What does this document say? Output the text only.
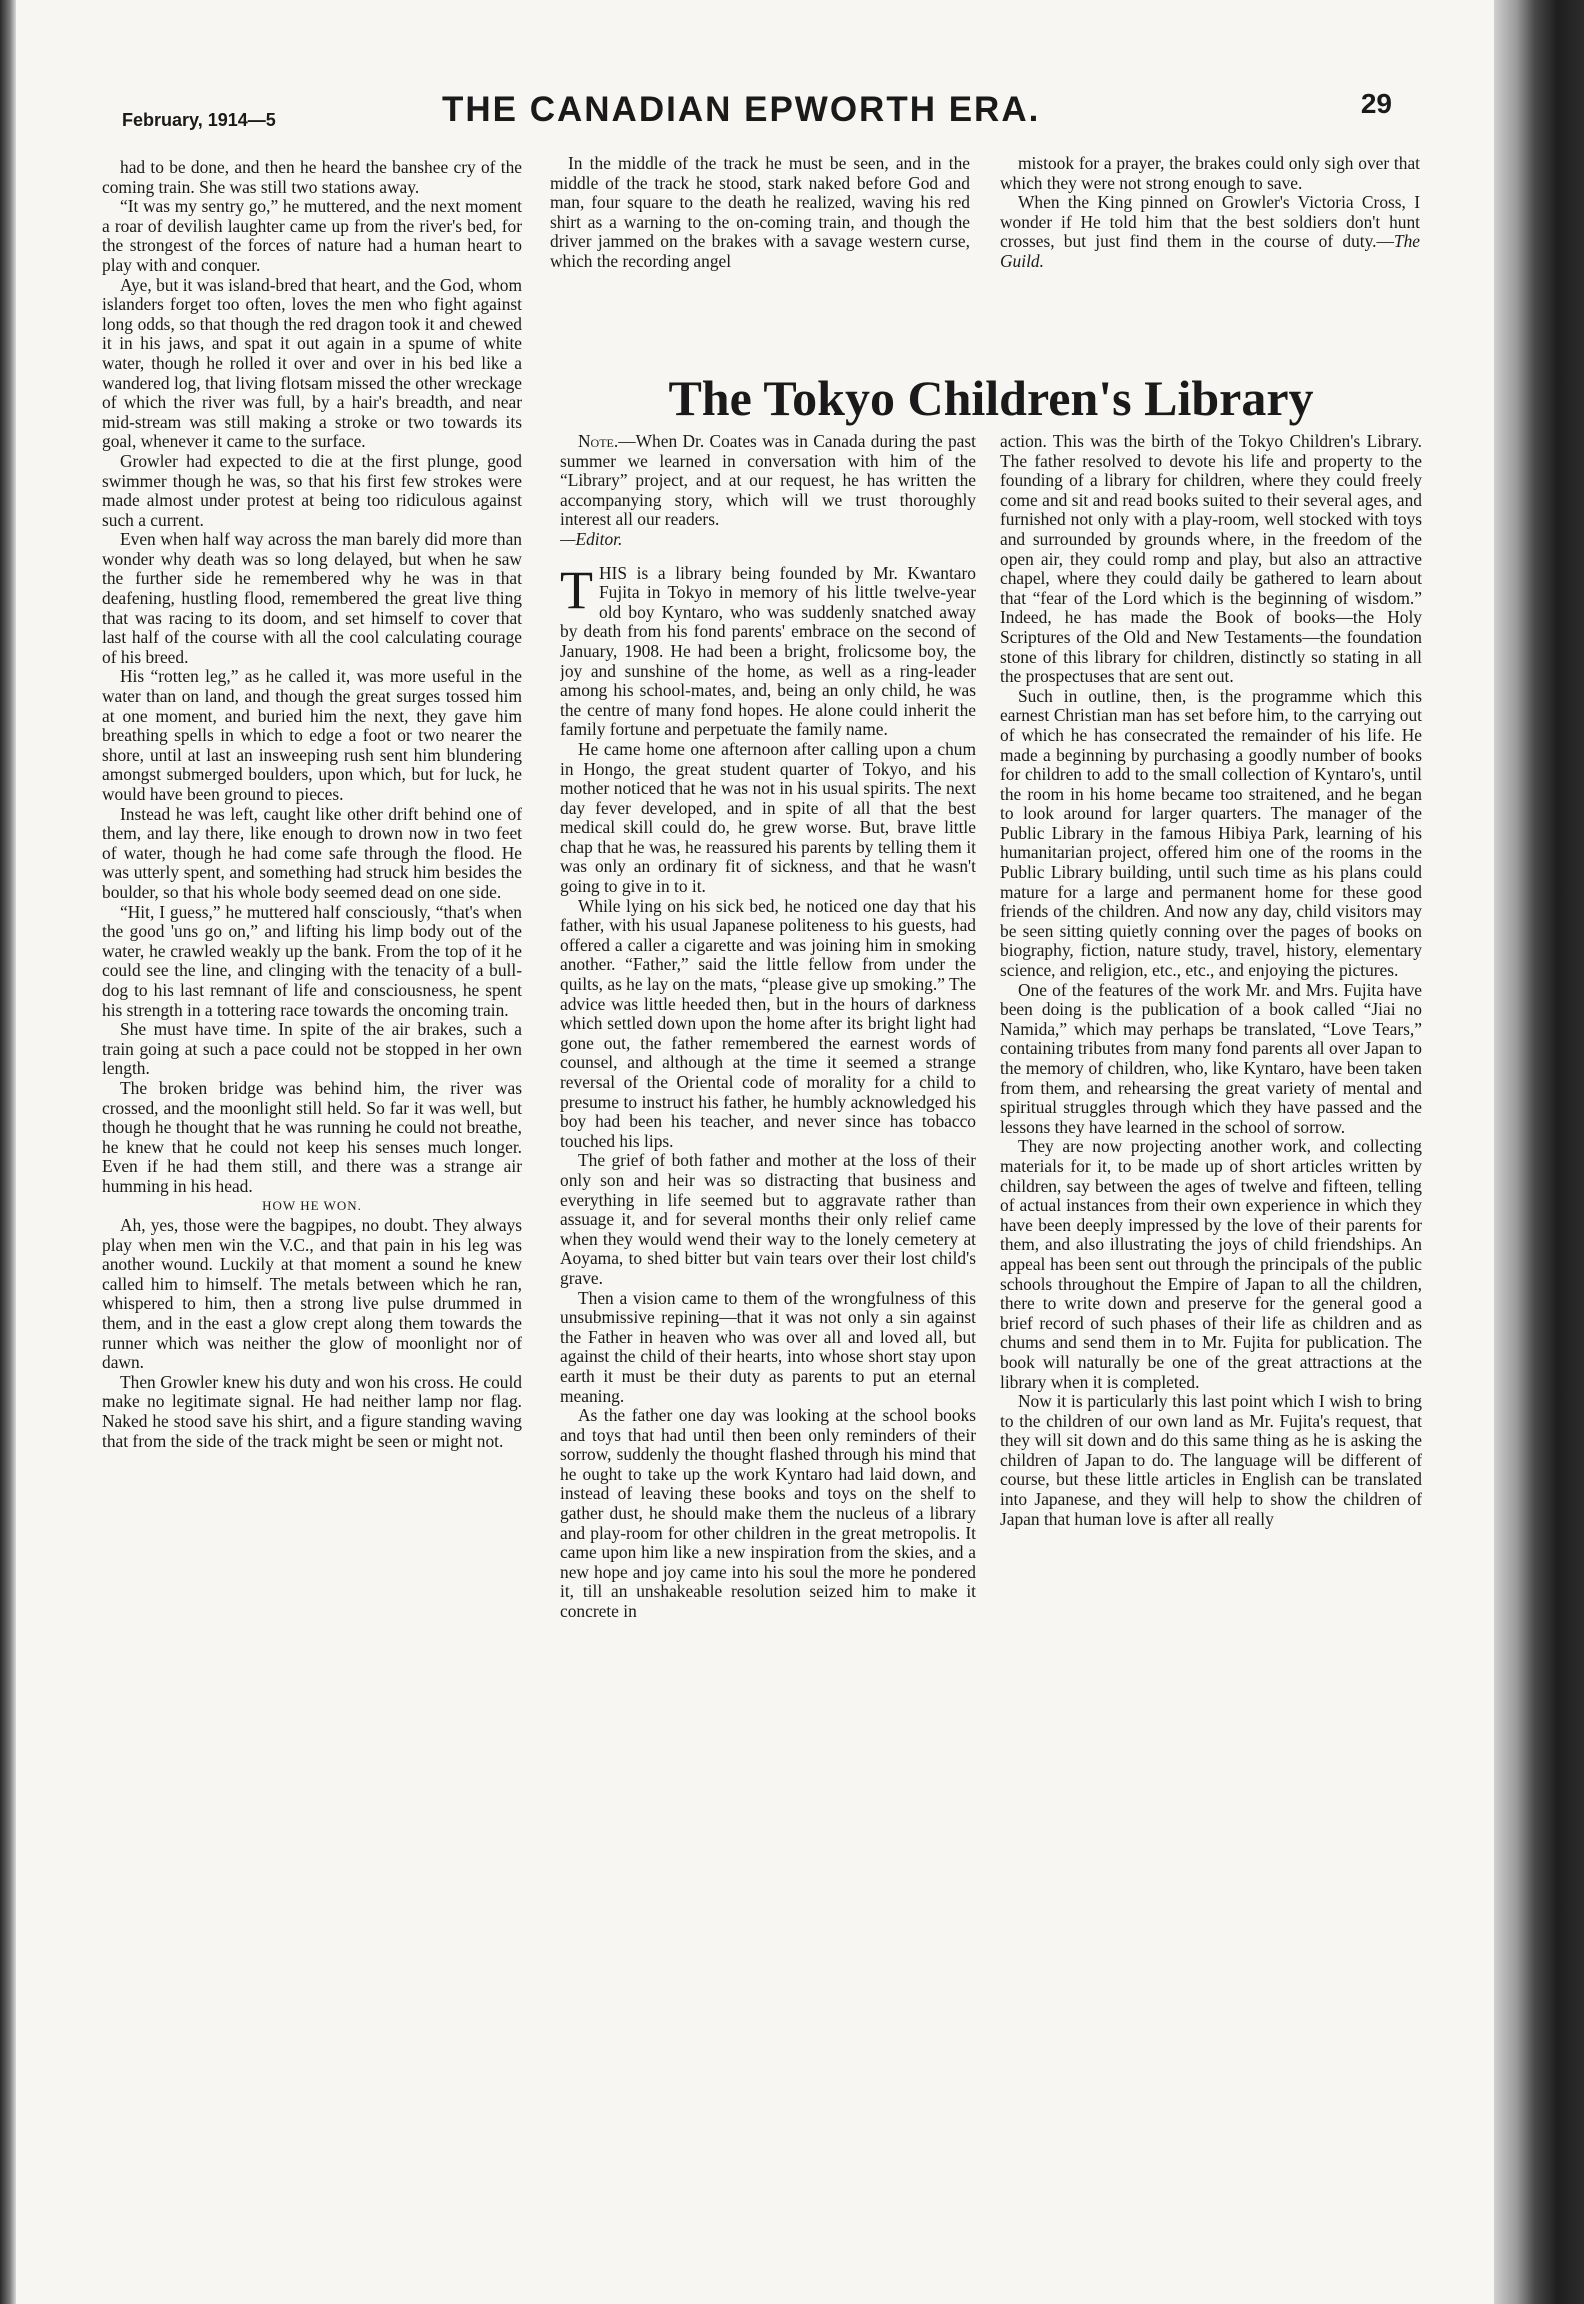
February, 1914—5	THE CANADIAN EPWORTH ERA.	29

had to be done, and then he heard the banshee cry of the coming train. She was still two stations away.

“It was my sentry go,” he muttered, and the next moment a roar of devilish laughter came up from the river's bed, for the strongest of the forces of nature had a human heart to play with and conquer.

Aye, but it was island-bred that heart, and the God, whom islanders forget too often, loves the men who fight against long odds, so that though the red dragon took it and chewed it in his jaws, and spat it out again in a spume of white water, though he rolled it over and over in his bed like a wandered log, that living flotsam missed the other wreckage of which the river was full, by a hair's breadth, and near mid-stream was still making a stroke or two towards its goal, whenever it came to the surface.

Growler had expected to die at the first plunge, good swimmer though he was, so that his first few strokes were made almost under protest at being too ridiculous against such a current.

Even when half way across the man barely did more than wonder why death was so long delayed, but when he saw the further side he remembered why he was in that deafening, hustling flood, remembered the great live thing that was racing to its doom, and set himself to cover that last half of the course with all the cool calculating courage of his breed.

His “rotten leg,” as he called it, was more useful in the water than on land, and though the great surges tossed him at one moment, and buried him the next, they gave him breathing spells in which to edge a foot or two nearer the shore, until at last an insweeping rush sent him blundering amongst submerged boulders, upon which, but for luck, he would have been ground to pieces.

Instead he was left, caught like other drift behind one of them, and lay there, like enough to drown now in two feet of water, though he had come safe through the flood. He was utterly spent, and something had struck him besides the boulder, so that his whole body seemed dead on one side.

“Hit, I guess,” he muttered half consciously, “that's when the good 'uns go on,” and lifting his limp body out of the water, he crawled weakly up the bank. From the top of it he could see the line, and clinging with the tenacity of a bull-dog to his last remnant of life and consciousness, he spent his strength in a tottering race towards the oncoming train.

She must have time. In spite of the air brakes, such a train going at such a pace could not be stopped in her own length.

The broken bridge was behind him, the river was crossed, and the moonlight still held. So far it was well, but though he thought that he was running he could not breathe, he knew that he could not keep his senses much longer. Even if he had them still, and there was a strange air humming in his head.

HOW HE WON.

Ah, yes, those were the bagpipes, no doubt. They always play when men win the V.C., and that pain in his leg was another wound. Luckily at that moment a sound he knew called him to himself. The metals between which he ran, whispered to him, then a strong live pulse drummed in them, and in the east a glow crept along them towards the runner which was neither the glow of moonlight nor of dawn.

Then Growler knew his duty and won his cross. He could make no legitimate signal. He had neither lamp nor flag. Naked he stood save his shirt, and a figure standing waving that from the side of the track might be seen or might not.

In the middle of the track he must be seen, and in the middle of the track he stood, stark naked before God and man, four square to the death he realized, waving his red shirt as a warning to the on-coming train, and though the driver jammed on the brakes with a savage western curse, which the recording angel

mistook for a prayer, the brakes could only sigh over that which they were not strong enough to save.

When the King pinned on Growler's Victoria Cross, I wonder if He told him that the best soldiers don't hunt crosses, but just find them in the course of duty.—The Guild.

The Tokyo Children's Library

Note.—When Dr. Coates was in Canada during the past summer we learned in conversation with him of the “Library” project, and at our request, he has written the accompanying story, which will we trust thoroughly interest all our readers.
—Editor.

THIS is a library being founded by Mr. Kwantaro Fujita in Tokyo in memory of his little twelve-year old boy Kyntaro, who was suddenly snatched away by death from his fond parents' embrace on the second of January, 1908. He had been a bright, frolicsome boy, the joy and sunshine of the home, as well as a ring-leader among his school-mates, and, being an only child, he was the centre of many fond hopes. He alone could inherit the family fortune and perpetuate the family name.

He came home one afternoon after calling upon a chum in Hongo, the great student quarter of Tokyo, and his mother noticed that he was not in his usual spirits. The next day fever developed, and in spite of all that the best medical skill could do, he grew worse. But, brave little chap that he was, he reassured his parents by telling them it was only an ordinary fit of sickness, and that he wasn't going to give in to it.

While lying on his sick bed, he noticed one day that his father, with his usual Japanese politeness to his guests, had offered a caller a cigarette and was joining him in smoking another. “Father,” said the little fellow from under the quilts, as he lay on the mats, “please give up smoking.” The advice was little heeded then, but in the hours of darkness which settled down upon the home after its bright light had gone out, the father remembered the earnest words of counsel, and although at the time it seemed a strange reversal of the Oriental code of morality for a child to presume to instruct his father, he humbly acknowledged his boy had been his teacher, and never since has tobacco touched his lips.

The grief of both father and mother at the loss of their only son and heir was so distracting that business and everything in life seemed but to aggravate rather than assuage it, and for several months their only relief came when they would wend their way to the lonely cemetery at Aoyama, to shed bitter but vain tears over their lost child's grave.

Then a vision came to them of the wrongfulness of this unsubmissive repining—that it was not only a sin against the Father in heaven who was over all and loved all, but against the child of their hearts, into whose short stay upon earth it must be their duty as parents to put an eternal meaning.

As the father one day was looking at the school books and toys that had until then been only reminders of their sorrow, suddenly the thought flashed through his mind that he ought to take up the work Kyntaro had laid down, and instead of leaving these books and toys on the shelf to gather dust, he should make them the nucleus of a library and play-room for other children in the great metropolis. It came upon him like a new inspiration from the skies, and a new hope and joy came into his soul the more he pondered it, till an unshakeable resolution seized him to make it concrete in

action. This was the birth of the Tokyo Children's Library. The father resolved to devote his life and property to the founding of a library for children, where they could freely come and sit and read books suited to their several ages, and furnished not only with a play-room, well stocked with toys and surrounded by grounds where, in the freedom of the open air, they could romp and play, but also an attractive chapel, where they could daily be gathered to learn about that “fear of the Lord which is the beginning of wisdom.” Indeed, he has made the Book of books—the Holy Scriptures of the Old and New Testaments—the foundation stone of this library for children, distinctly so stating in all the prospectuses that are sent out.

Such in outline, then, is the programme which this earnest Christian man has set before him, to the carrying out of which he has consecrated the remainder of his life. He made a beginning by purchasing a goodly number of books for children to add to the small collection of Kyntaro's, until the room in his home became too straitened, and he began to look around for larger quarters. The manager of the Public Library in the famous Hibiya Park, learning of his humanitarian project, offered him one of the rooms in the Public Library building, until such time as his plans could mature for a large and permanent home for these good friends of the children. And now any day, child visitors may be seen sitting quietly conning over the pages of books on biography, fiction, nature study, travel, history, elementary science, and religion, etc., etc., and enjoying the pictures.

One of the features of the work Mr. and Mrs. Fujita have been doing is the publication of a book called “Jiai no Namida,” which may perhaps be translated, “Love Tears,” containing tributes from many fond parents all over Japan to the memory of children, who, like Kyntaro, have been taken from them, and rehearsing the great variety of mental and spiritual struggles through which they have passed and the lessons they have learned in the school of sorrow.

They are now projecting another work, and collecting materials for it, to be made up of short articles written by children, say between the ages of twelve and fifteen, telling of actual instances from their own experience in which they have been deeply impressed by the love of their parents for them, and also illustrating the joys of child friendships. An appeal has been sent out through the principals of the public schools throughout the Empire of Japan to all the children, there to write down and preserve for the general good a brief record of such phases of their life as children and as chums and send them in to Mr. Fujita for publication. The book will naturally be one of the great attractions at the library when it is completed.

Now it is particularly this last point which I wish to bring to the children of our own land as Mr. Fujita's request, that they will sit down and do this same thing as he is asking the children of Japan to do. The language will be different of course, but these little articles in English can be translated into Japanese, and they will help to show the children of Japan that human love is after all really
